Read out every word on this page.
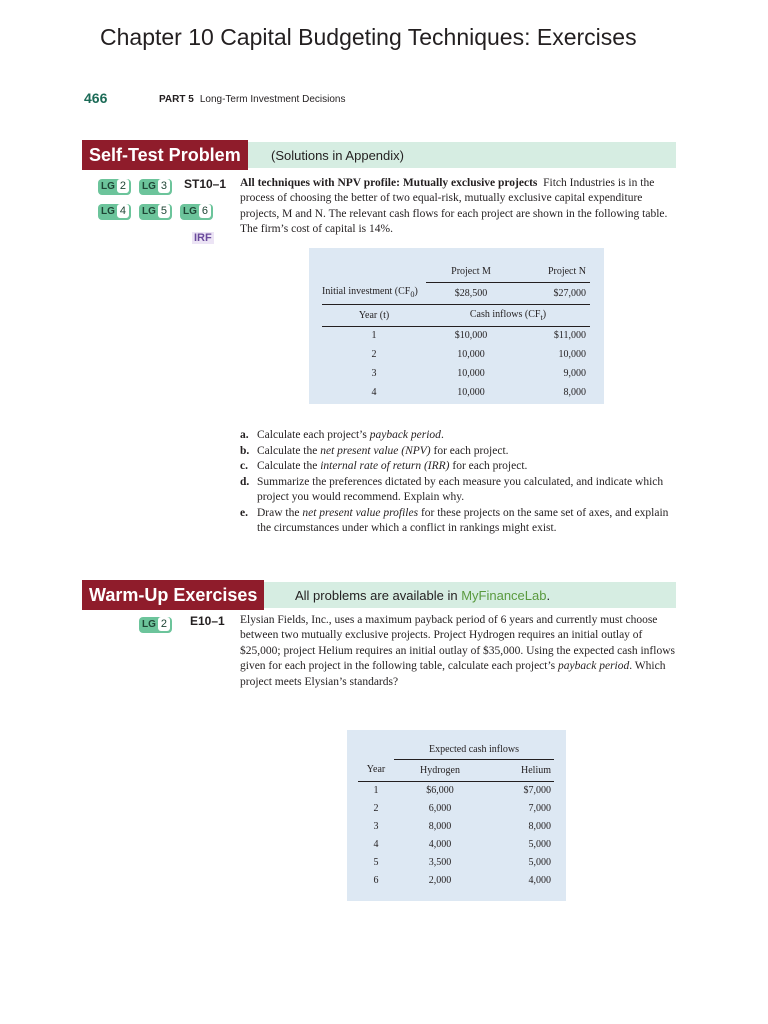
Chapter 10 Capital Budgeting Techniques: Exercises
466	PART 5 Long-Term Investment Decisions
Self-Test Problem	(Solutions in Appendix)
LG 2	LG 3
LG 4	LG 5	LG 6
IRF
ST10–1 All techniques with NPV profile: Mutually exclusive projects Fitch Industries is in the process of choosing the better of two equal-risk, mutually exclusive capital expenditure projects, M and N. The relevant cash flows for each project are shown in the following table. The firm’s cost of capital is 14%.
	Project M	Project N
Initial investment $(CF_0)$	$28,500	$27,000
Year (t)	Cash inflows $(CF_t)$	
1	$10,000	$11,000
2	10,000	10,000
3	10,000	9,000
4	10,000	8,000
a. Calculate each project’s payback period.
b. Calculate the net present value (NPV) for each project.
c. Calculate the internal rate of return (IRR) for each project.
d. Summarize the preferences dictated by each measure you calculated, and indicate which project you would recommend. Explain why.
e. Draw the net present value profiles for these projects on the same set of axes, and explain the circumstances under which a conflict in rankings might exist.
Warm-Up Exercises	All problems are available in MyFinanceLab.
LG 2	E10–1 Elysian Fields, Inc., uses a maximum payback period of 6 years and currently must choose between two mutually exclusive projects. Project Hydrogen requires an initial outlay of $25,000; project Helium requires an initial outlay of $35,000. Using the expected cash inflows given for each project in the following table, calculate each project’s payback period. Which project meets Elysian’s standards?
	Expected cash inflows	
Year	Hydrogen	Helium
1	$6,000	$7,000
2	6,000	7,000
3	8,000	8,000
4	4,000	5,000
5	3,500	5,000
6	2,000	4,000
